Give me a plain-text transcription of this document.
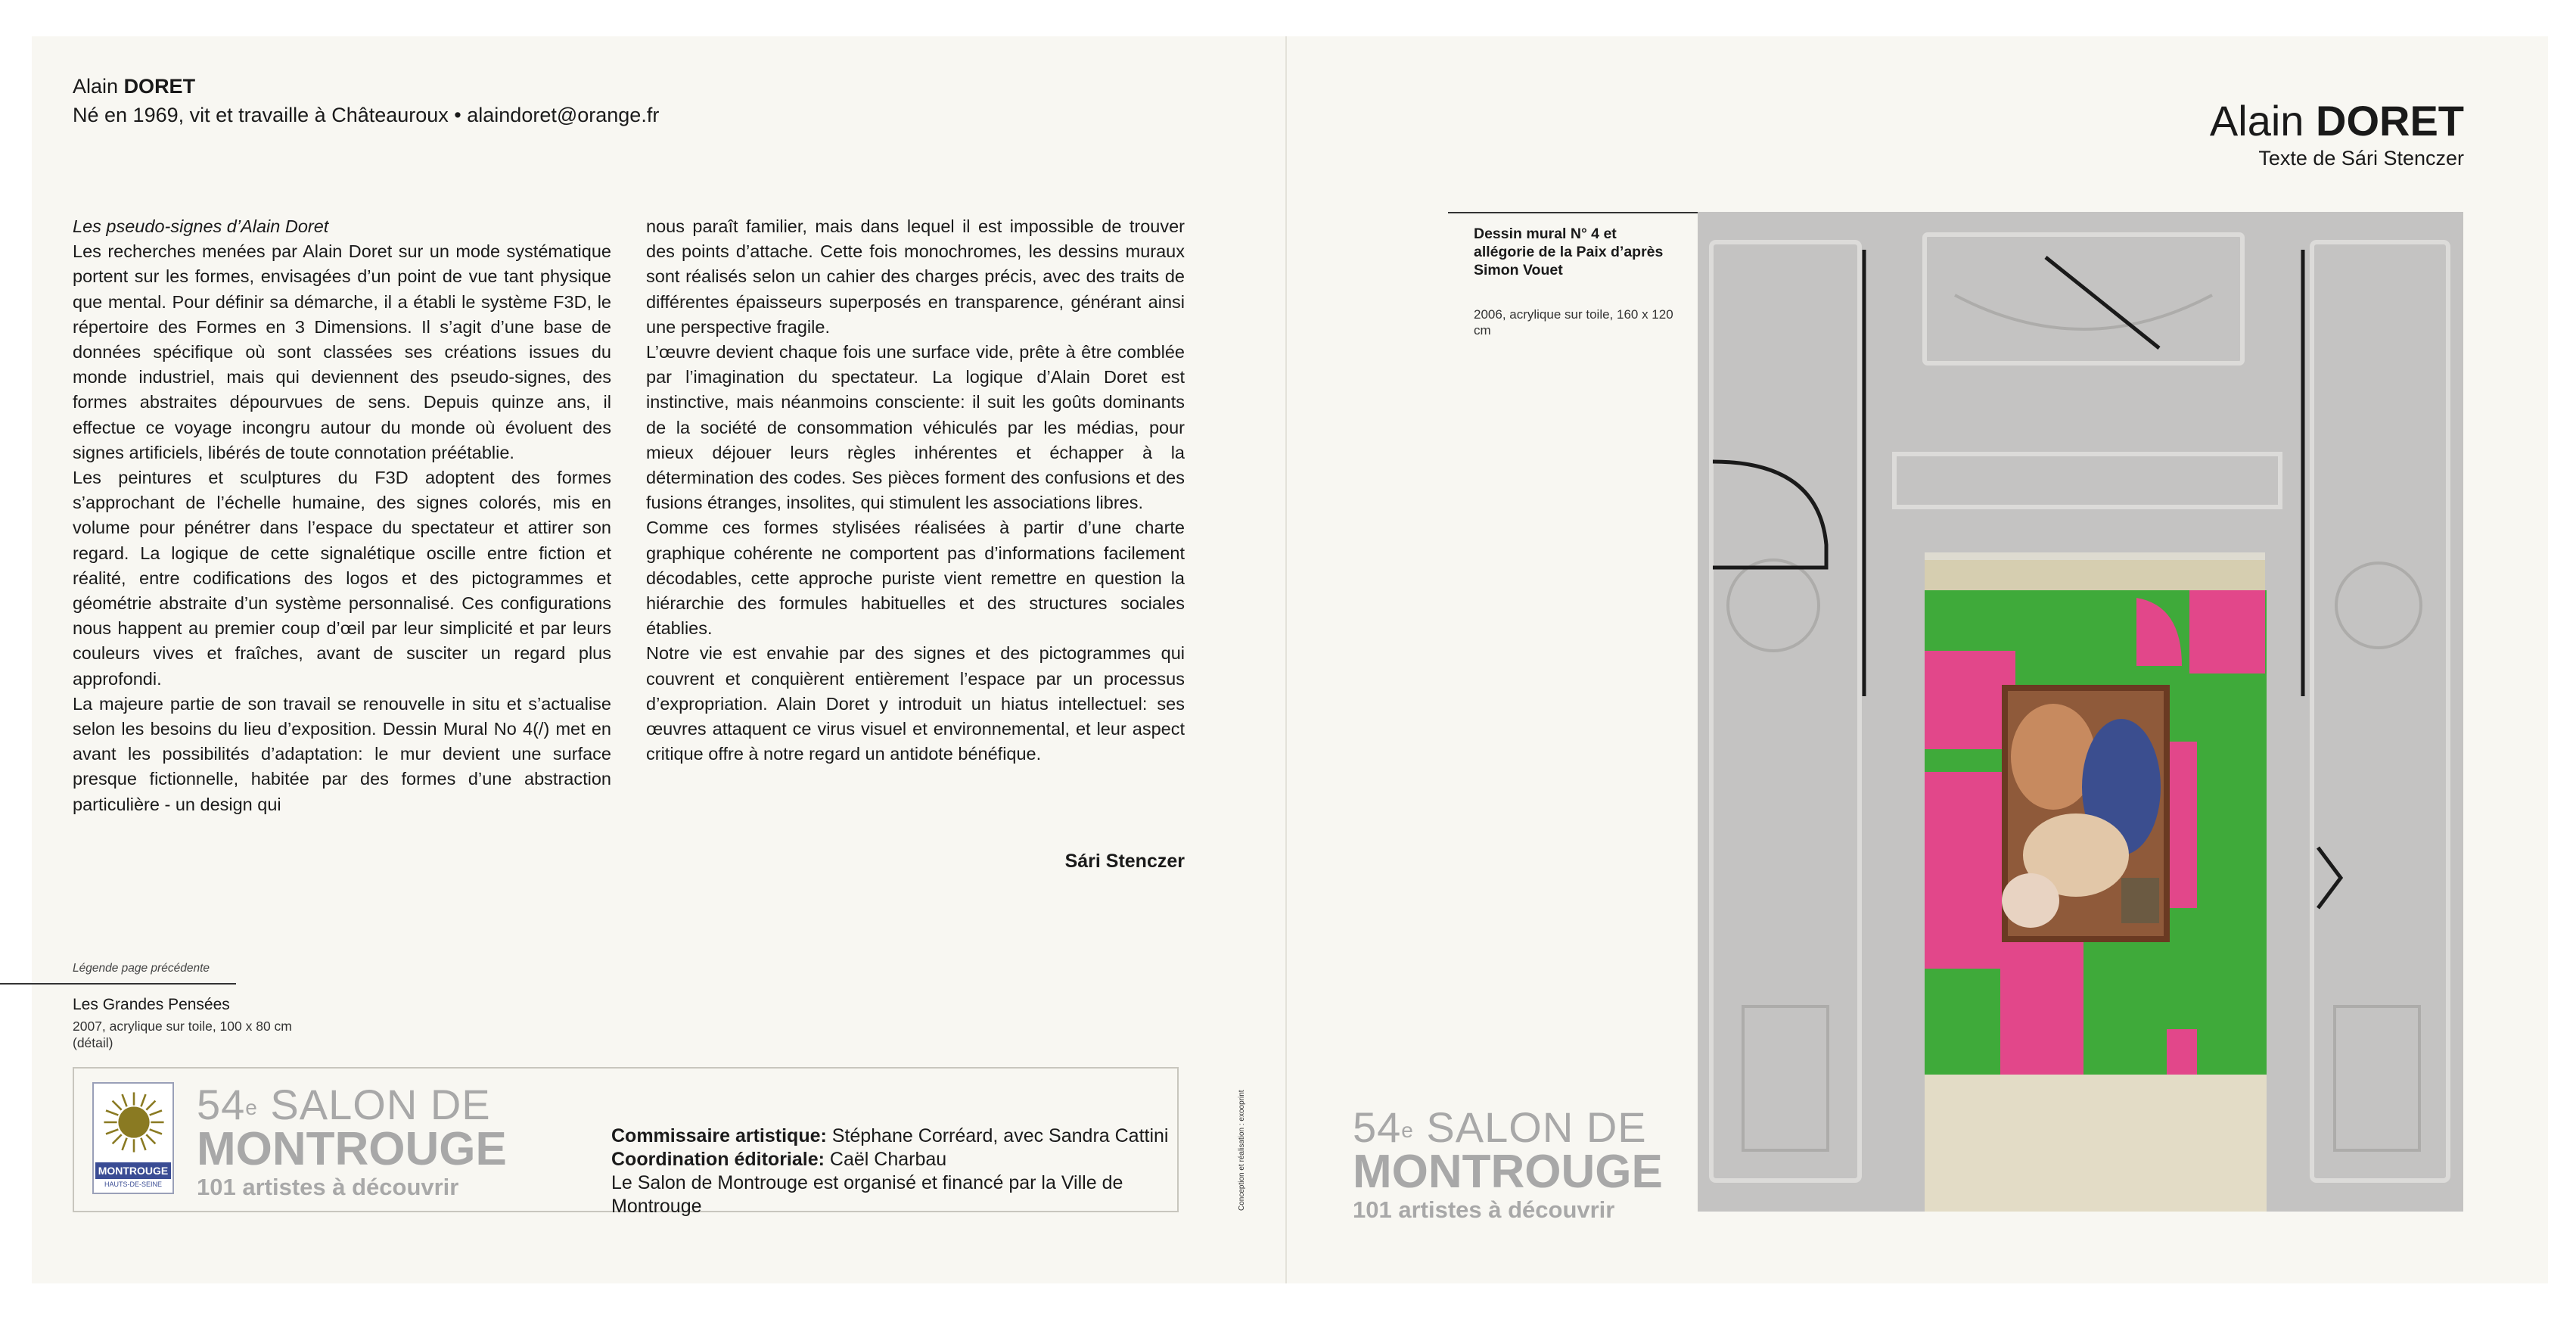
Alain DORET
Né en 1969, vit et travaille à Châteauroux • alaindoret@orange.fr

Les pseudo-signes d’Alain Doret

Les recherches menées par Alain Doret sur un mode systématique portent sur les formes, envisagées d’un point de vue tant physique que mental. Pour définir sa démarche, il a établi le système F3D, le répertoire des Formes en 3 Dimensions. Il s’agit d’une base de données spécifique où sont classées ses créations issues du monde industriel, mais qui deviennent des pseudo-signes, des formes abstraites dépourvues de sens. Depuis quinze ans, il effectue ce voyage incongru autour du monde où évoluent des signes artificiels, libérés de toute connotation préétablie.

Les peintures et sculptures du F3D adoptent des formes s’approchant de l’échelle humaine, des signes colorés, mis en volume pour pénétrer dans l’espace du spectateur et attirer son regard. La logique de cette signalétique oscille entre fiction et réalité, entre codifications des logos et des pictogrammes et géométrie abstraite d’un système personnalisé. Ces configurations nous happent au premier coup d’œil par leur simplicité et par leurs couleurs vives et fraîches, avant de susciter un regard plus approfondi.

La majeure partie de son travail se renouvelle in situ et s’actualise selon les besoins du lieu d’exposition. Dessin Mural No 4(/) met en avant les possibilités d’adaptation: le mur devient une surface presque fictionnelle, habitée par des formes d’une abstraction particulière - un design qui

nous paraît familier, mais dans lequel il est impossible de trouver des points d’attache. Cette fois monochromes, les dessins muraux sont réalisés selon un cahier des charges précis, avec des traits de différentes épaisseurs superposés en transparence, générant ainsi une perspective fragile.

L’œuvre devient chaque fois une surface vide, prête à être comblée par l’imagination du spectateur. La logique d’Alain Doret est instinctive, mais néanmoins consciente: il suit les goûts dominants de la société de consommation véhiculés par les médias, pour mieux déjouer leurs règles inhérentes et échapper à la détermination des codes. Ses pièces forment des confusions et des fusions étranges, insolites, qui stimulent les associations libres.

Comme ces formes stylisées réalisées à partir d’une charte graphique cohérente ne comportent pas d’informations facilement décodables, cette approche puriste vient remettre en question la hiérarchie des formules habituelles et des structures sociales établies.

Notre vie est envahie par des signes et des pictogrammes qui couvrent et conquièrent entièrement l’espace par un processus d’expropriation. Alain Doret y introduit un hiatus intellectuel: ses œuvres attaquent ce virus visuel et environnemental, et leur aspect critique offre à notre regard un antidote bénéfique.

Sári Stenczer
Légende page précédente
Les Grandes Pensées
2007, acrylique sur toile, 100 x 80 cm (détail)
MONTROUGE
HAUTS-DE-SEINE
54e SALON DE
MONTROUGE
101 artistes à découvrir
Commissaire artistique: Stéphane Corréard, avec Sandra Cattini
Coordination éditoriale: Caël Charbau
Le Salon de Montrouge est organisé et financé par la Ville de Montrouge	Conception et réalisation : exooprint
Alain DORET
Texte de Sári Stenczer
Dessin mural N° 4 et allégorie de la Paix d’après Simon Vouet
2006, acrylique sur toile, 160 x 120 cm
54e SALON DE
MONTROUGE
101 artistes à découvrir
